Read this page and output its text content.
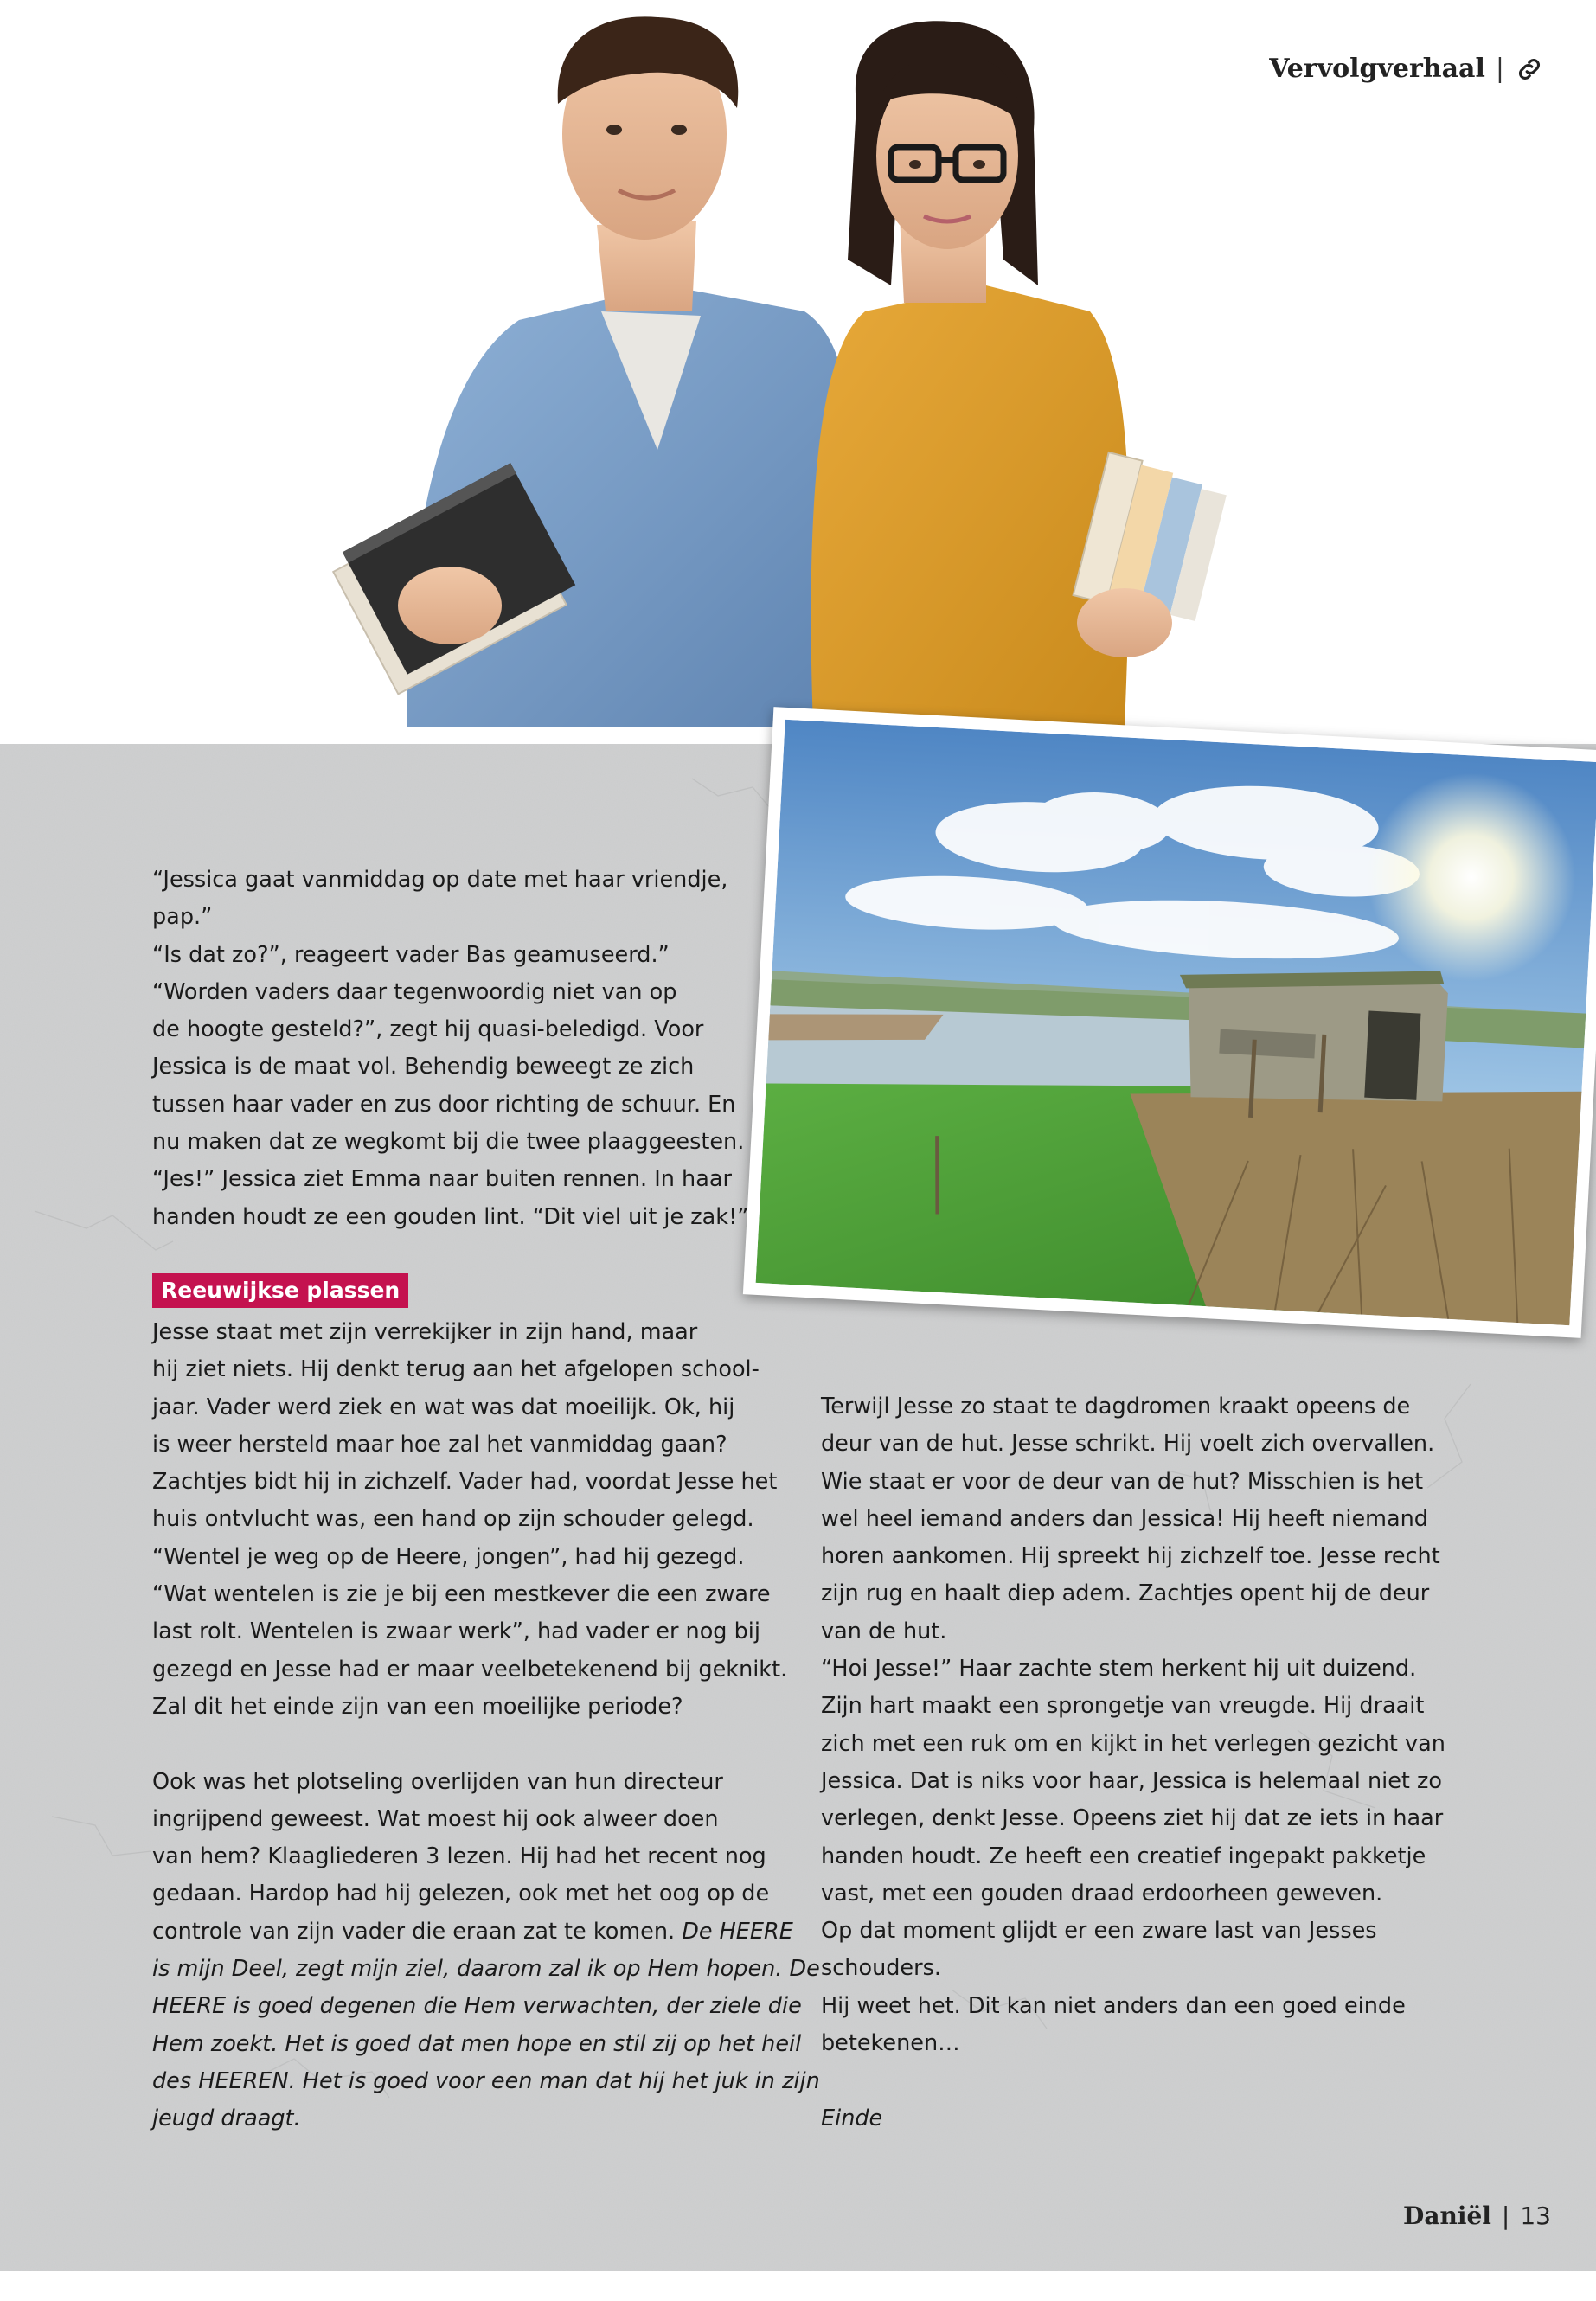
Vervolgverhaal |
“Jessica gaat vanmiddag op date met haar vriendje,
pap.”
“Is dat zo?”, reageert vader Bas geamuseerd.”
“Worden vaders daar tegenwoordig niet van op
de hoogte gesteld?”, zegt hij quasi-beledigd. Voor
Jessica is de maat vol. Behendig beweegt ze zich
tussen haar vader en zus door richting de schuur. En
nu maken dat ze wegkomt bij die twee plaaggeesten.
“Jes!” Jessica ziet Emma naar buiten rennen. In haar
handen houdt ze een gouden lint. “Dit viel uit je zak!”
Reeuwijkse plassen
Jesse staat met zijn verrekijker in zijn hand, maar
hij ziet niets. Hij denkt terug aan het afgelopen school-
jaar. Vader werd ziek en wat was dat moeilijk. Ok, hij
is weer hersteld maar hoe zal het vanmiddag gaan?
Zachtjes bidt hij in zichzelf. Vader had, voordat Jesse het
huis ontvlucht was, een hand op zijn schouder gelegd.
“Wentel je weg op de Heere, jongen”, had hij gezegd.
“Wat wentelen is zie je bij een mestkever die een zware
last rolt. Wentelen is zwaar werk”, had vader er nog bij
gezegd en Jesse had er maar veelbetekenend bij geknikt.
Zal dit het einde zijn van een moeilijke periode?
Ook was het plotseling overlijden van hun directeur
ingrijpend geweest. Wat moest hij ook alweer doen
van hem? Klaagliederen 3 lezen. Hij had het recent nog
gedaan. Hardop had hij gelezen, ook met het oog op de
controle van zijn vader die eraan zat te komen. De HEERE
is mijn Deel, zegt mijn ziel, daarom zal ik op Hem hopen. De
HEERE is goed degenen die Hem verwachten, der ziele die
Hem zoekt. Het is goed dat men hope en stil zij op het heil
des HEEREN. Het is goed voor een man dat hij het juk in zijn
jeugd draagt.
Terwijl Jesse zo staat te dagdromen kraakt opeens de
deur van de hut. Jesse schrikt. Hij voelt zich overvallen.
Wie staat er voor de deur van de hut? Misschien is het
wel heel iemand anders dan Jessica! Hij heeft niemand
horen aankomen. Hij spreekt hij zichzelf toe. Jesse recht
zijn rug en haalt diep adem. Zachtjes opent hij de deur
van de hut.
“Hoi Jesse!” Haar zachte stem herkent hij uit duizend.
Zijn hart maakt een sprongetje van vreugde. Hij draait
zich met een ruk om en kijkt in het verlegen gezicht van
Jessica. Dat is niks voor haar, Jessica is helemaal niet zo
verlegen, denkt Jesse. Opeens ziet hij dat ze iets in haar
handen houdt. Ze heeft een creatief ingepakt pakketje
vast, met een gouden draad erdoorheen geweven.
Op dat moment glijdt er een zware last van Jesses
schouders.
Hij weet het. Dit kan niet anders dan een goed einde
betekenen…
Einde
Daniël | 13
